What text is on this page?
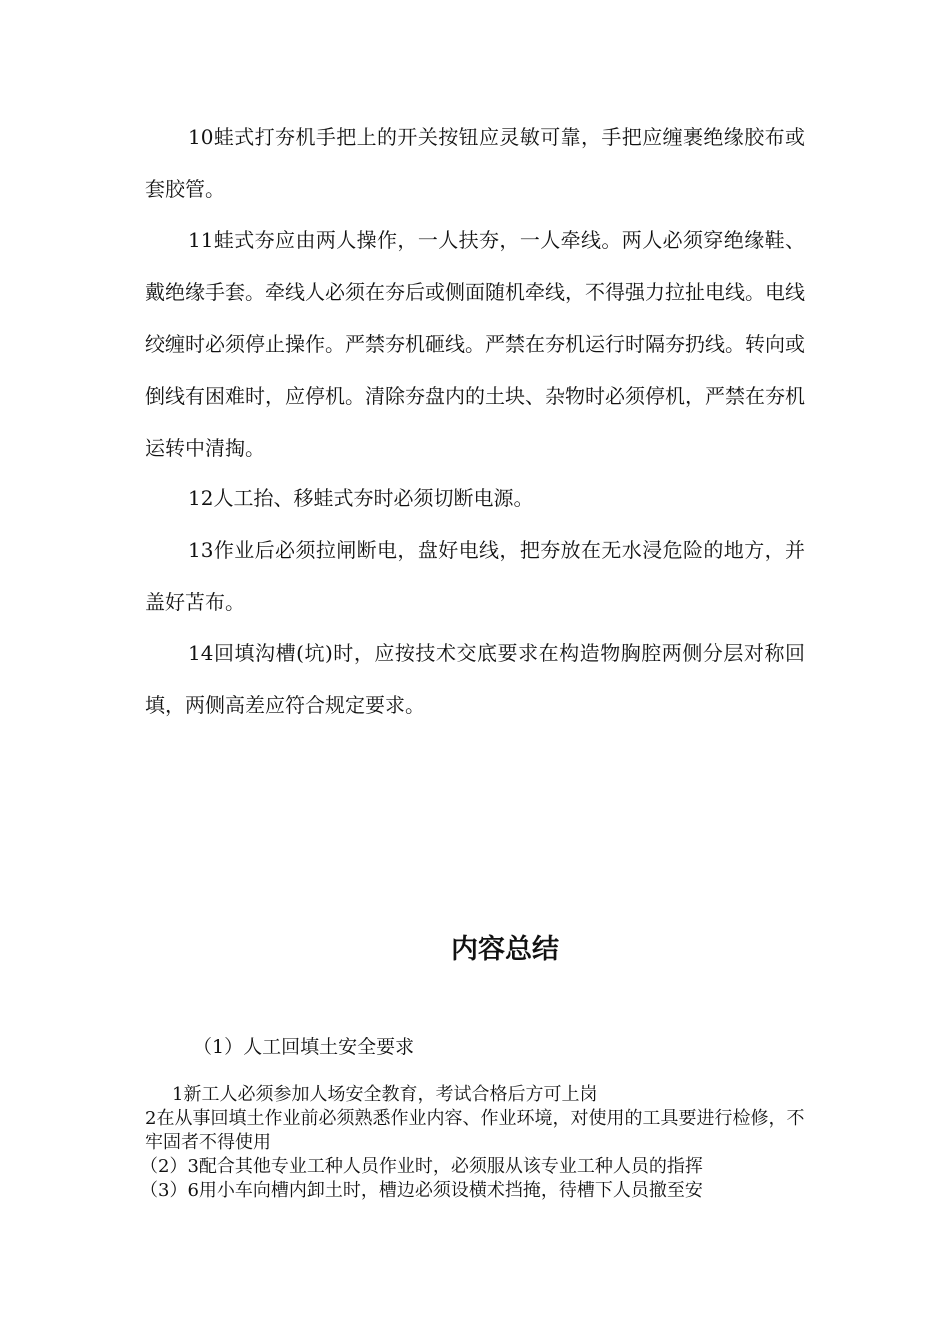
10蛙式打夯机手把上的开关按钮应灵敏可靠，手把应缠裹绝缘胶布或套胶管。

11蛙式夯应由两人操作，一人扶夯，一人牵线。两人必须穿绝缘鞋、戴绝缘手套。牵线人必须在夯后或侧面随机牵线，不得强力拉扯电线。电线绞缠时必须停止操作。严禁夯机砸线。严禁在夯机运行时隔夯扔线。转向或倒线有困难时，应停机。清除夯盘内的土块、杂物时必须停机，严禁在夯机运转中清掏。

12人工抬、移蛙式夯时必须切断电源。

13作业后必须拉闸断电，盘好电线，把夯放在无水浸危险的地方，并盖好苫布。

14回填沟槽(坑)时，应按技术交底要求在构造物胸腔两侧分层对称回填，两侧高差应符合规定要求。

内容总结

（1）人工回填土安全要求

1新工人必须参加人场安全教育，考试合格后方可上岗

2在从事回填土作业前必须熟悉作业内容、作业环境，对使用的工具要进行检修，不牢固者不得使用

（2）3配合其他专业工种人员作业时，必须服从该专业工种人员的指挥

（3）6用小车向槽内卸土时，槽边必须设横术挡掩，待槽下人员撤至安
